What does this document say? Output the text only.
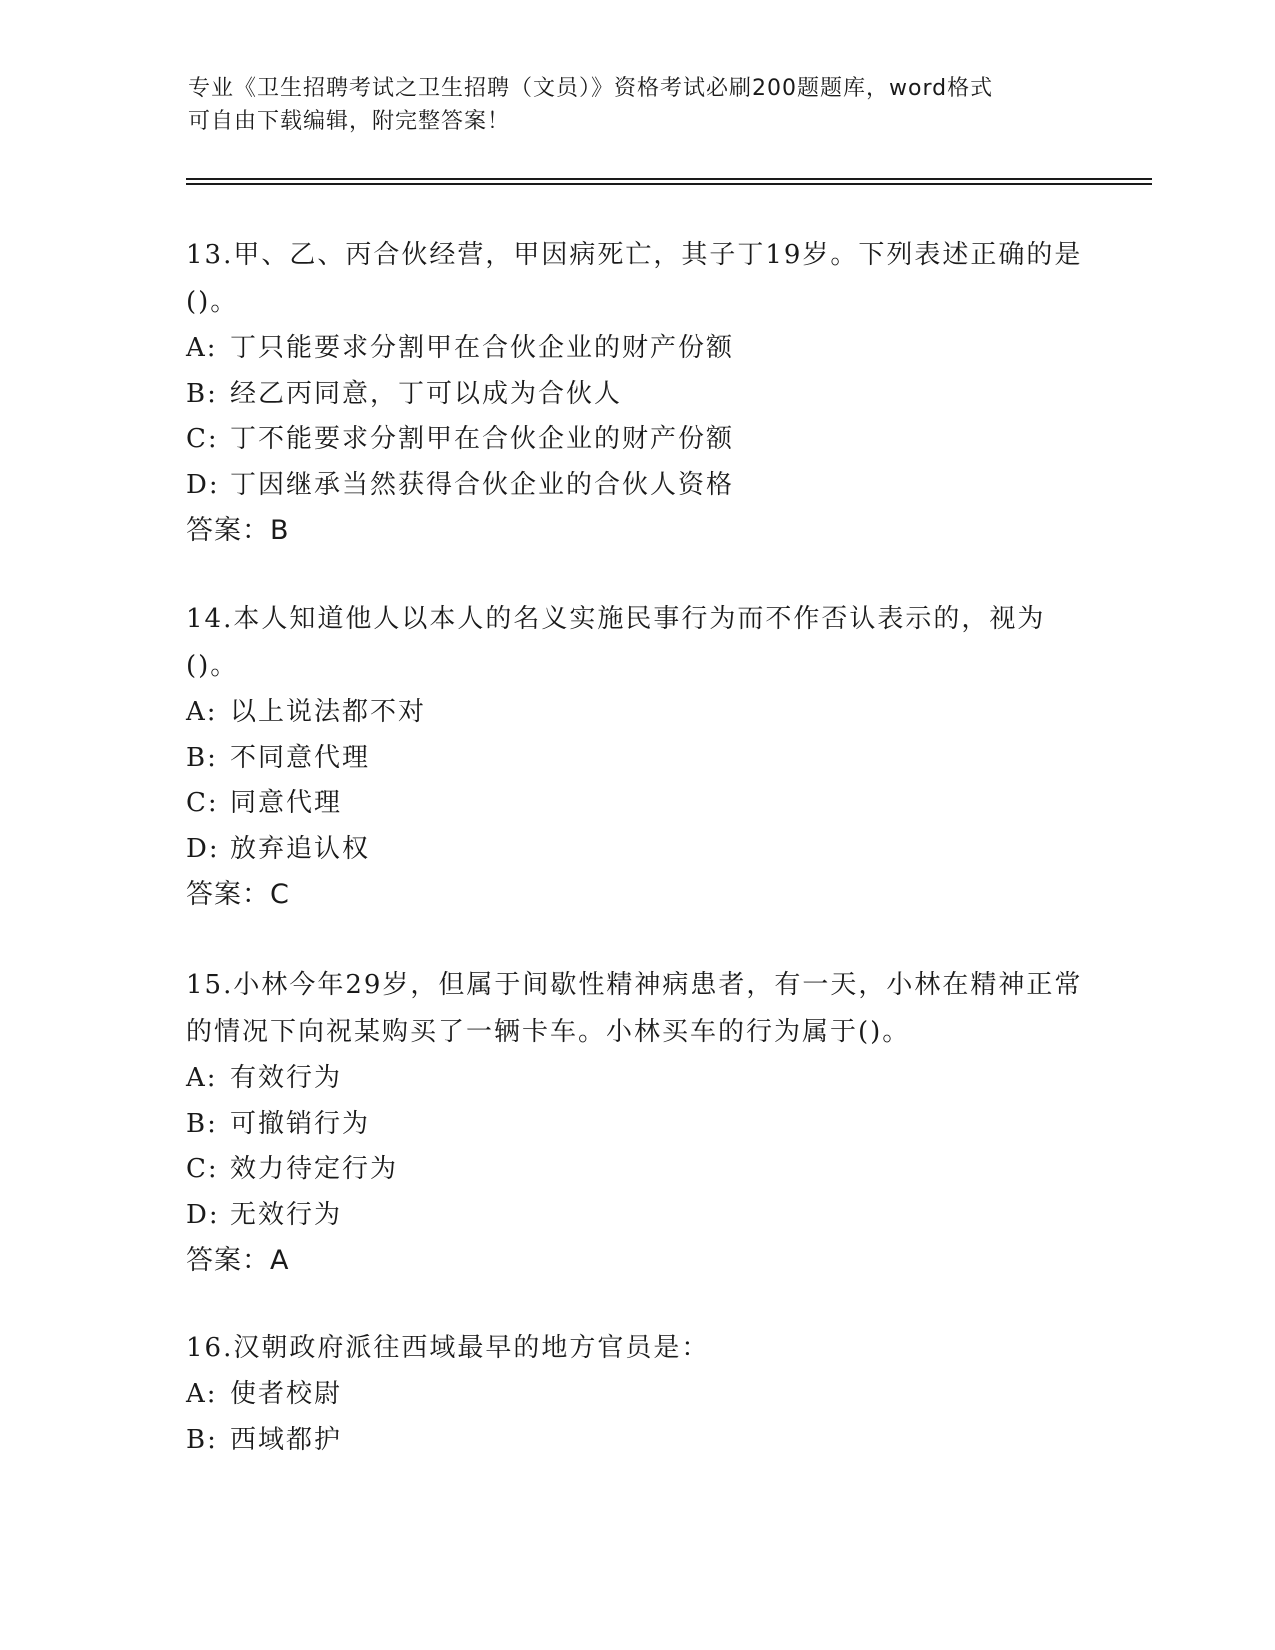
专业《卫生招聘考试之卫生招聘（文员）》资格考试必刷200题题库，word格式
可自由下载编辑，附完整答案！

13.甲、乙、丙合伙经营，甲因病死亡，其子丁19岁。下列表述正确的是()。

A: 丁只能要求分割甲在合伙企业的财产份额

B: 经乙丙同意，丁可以成为合伙人

C: 丁不能要求分割甲在合伙企业的财产份额

D: 丁因继承当然获得合伙企业的合伙人资格

答案：B

14.本人知道他人以本人的名义实施民事行为而不作否认表示的，视为()。

A: 以上说法都不对

B: 不同意代理

C: 同意代理

D: 放弃追认权

答案：C

15.小林今年29岁，但属于间歇性精神病患者，有一天，小林在精神正常的情况下向祝某购买了一辆卡车。小林买车的行为属于()。

A: 有效行为

B: 可撤销行为

C: 效力待定行为

D: 无效行为

答案：A

16.汉朝政府派往西域最早的地方官员是：

A: 使者校尉

B: 西域都护
